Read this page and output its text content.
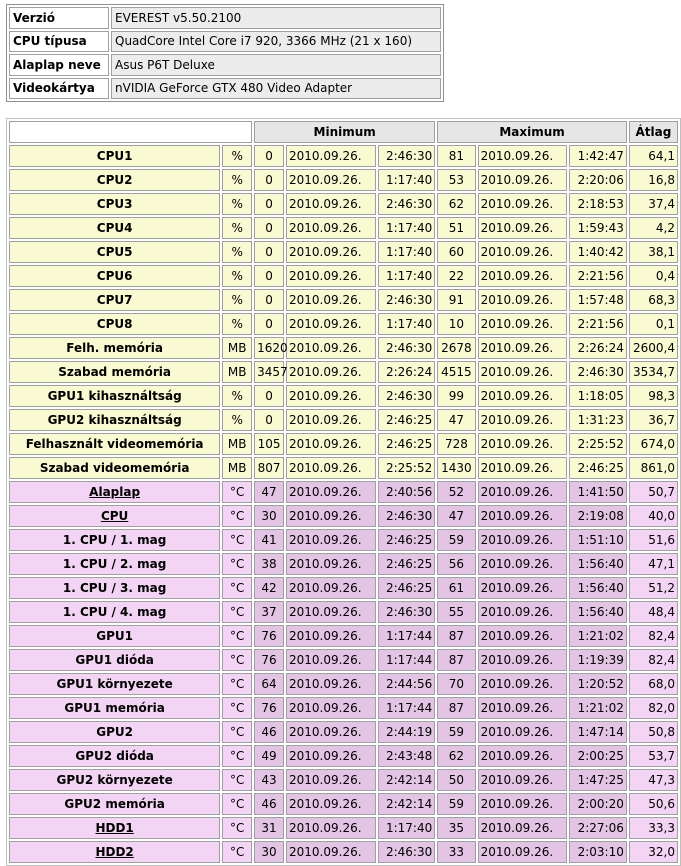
Verzió	EVEREST v5.50.2100
CPU típusa	QuadCore Intel Core i7 920, 3366 MHz (21 x 160)
Alaplap neve	Asus P6T Deluxe
Videokártya	nVIDIA GeForce GTX 480 Video Adapter
		Minimum			Maximum			Átlag
CPU1	%	0	2010.09.26.	2:46:30	81	2010.09.26.	1:42:47	64,1
CPU2	%	0	2010.09.26.	1:17:40	53	2010.09.26.	2:20:06	16,8
CPU3	%	0	2010.09.26.	2:46:30	62	2010.09.26.	2:18:53	37,4
CPU4	%	0	2010.09.26.	1:17:40	51	2010.09.26.	1:59:43	4,2
CPU5	%	0	2010.09.26.	1:17:40	60	2010.09.26.	1:40:42	38,1
CPU6	%	0	2010.09.26.	1:17:40	22	2010.09.26.	2:21:56	0,4
CPU7	%	0	2010.09.26.	2:46:30	91	2010.09.26.	1:57:48	68,3
CPU8	%	0	2010.09.26.	1:17:40	10	2010.09.26.	2:21:56	0,1
Felh. memória	MB	1620	2010.09.26.	2:46:30	2678	2010.09.26.	2:26:24	2600,4
Szabad memória	MB	3457	2010.09.26.	2:26:24	4515	2010.09.26.	2:46:30	3534,7
GPU1 kihasználtság	%	0	2010.09.26.	2:46:30	99	2010.09.26.	1:18:05	98,3
GPU2 kihasználtság	%	0	2010.09.26.	2:46:25	47	2010.09.26.	1:31:23	36,7
Felhasznált videomemória	MB	105	2010.09.26.	2:46:25	728	2010.09.26.	2:25:52	674,0
Szabad videomemória	MB	807	2010.09.26.	2:25:52	1430	2010.09.26.	2:46:25	861,0
Alaplap	°C	47	2010.09.26.	2:40:56	52	2010.09.26.	1:41:50	50,7
CPU	°C	30	2010.09.26.	2:46:30	47	2010.09.26.	2:19:08	40,0
1. CPU / 1. mag	°C	41	2010.09.26.	2:46:25	59	2010.09.26.	1:51:10	51,6
1. CPU / 2. mag	°C	38	2010.09.26.	2:46:25	56	2010.09.26.	1:56:40	47,1
1. CPU / 3. mag	°C	42	2010.09.26.	2:46:25	61	2010.09.26.	1:56:40	51,2
1. CPU / 4. mag	°C	37	2010.09.26.	2:46:30	55	2010.09.26.	1:56:40	48,4
GPU1	°C	76	2010.09.26.	1:17:44	87	2010.09.26.	1:21:02	82,4
GPU1 dióda	°C	76	2010.09.26.	1:17:44	87	2010.09.26.	1:19:39	82,4
GPU1 környezete	°C	64	2010.09.26.	2:44:56	70	2010.09.26.	1:20:52	68,0
GPU1 memória	°C	76	2010.09.26.	1:17:44	87	2010.09.26.	1:21:02	82,0
GPU2	°C	46	2010.09.26.	2:44:19	59	2010.09.26.	1:47:14	50,8
GPU2 dióda	°C	49	2010.09.26.	2:43:48	62	2010.09.26.	2:00:25	53,7
GPU2 környezete	°C	43	2010.09.26.	2:42:14	50	2010.09.26.	1:47:25	47,3
GPU2 memória	°C	46	2010.09.26.	2:42:14	59	2010.09.26.	2:00:20	50,6
HDD1	°C	31	2010.09.26.	1:17:40	35	2010.09.26.	2:27:06	33,3
HDD2	°C	30	2010.09.26.	2:46:30	33	2010.09.26.	2:03:10	32,0
